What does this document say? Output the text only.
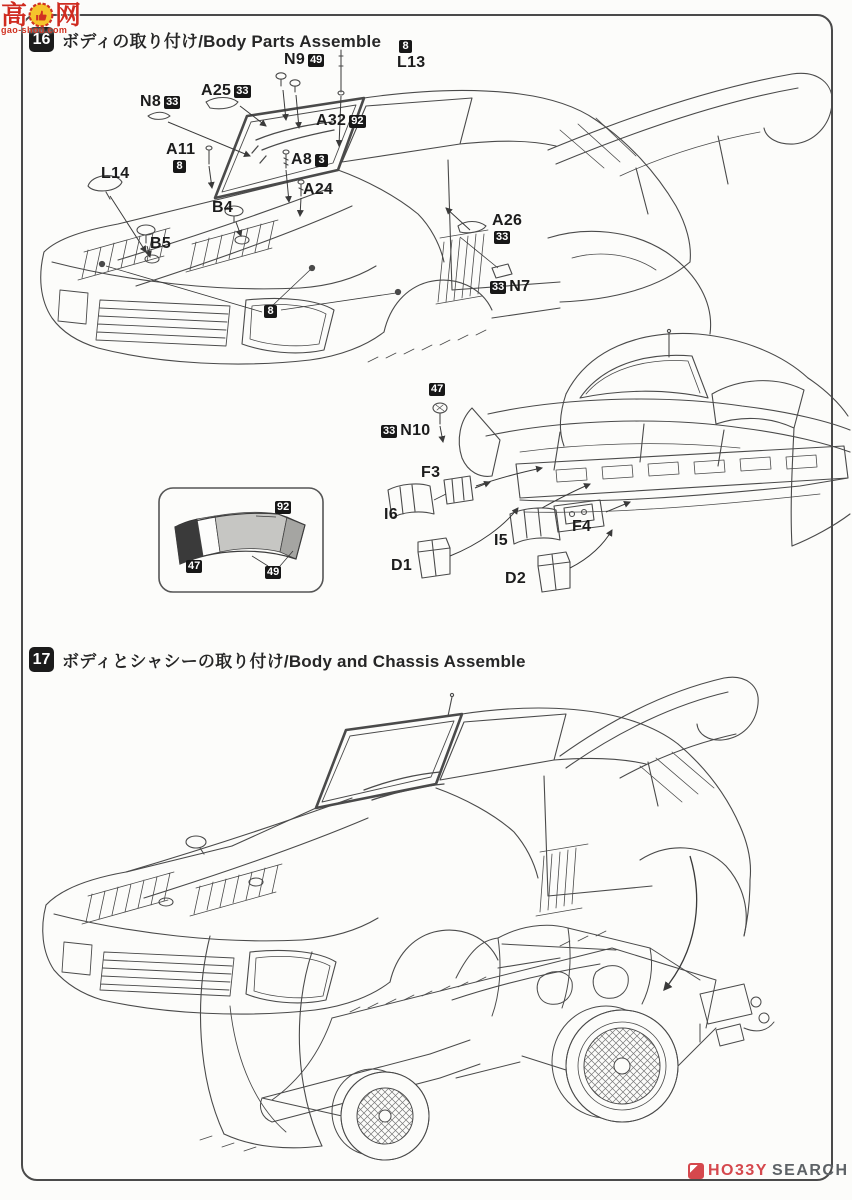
16 ボディの取り付け/Body Parts Assemble
17 ボディとシャシーの取り付け/Body and Chassis Assemble
N9 49
8
L13
A25 33
N8 33
A32 92
A11
8
L14
A8 3
A24
B4
B5
8
A26
33
33 N7
47
33 N10
F3
I6
I5
F4
D1
D2
92
47	49
高 网
gao-shou.com
HO33Y SEARCH
